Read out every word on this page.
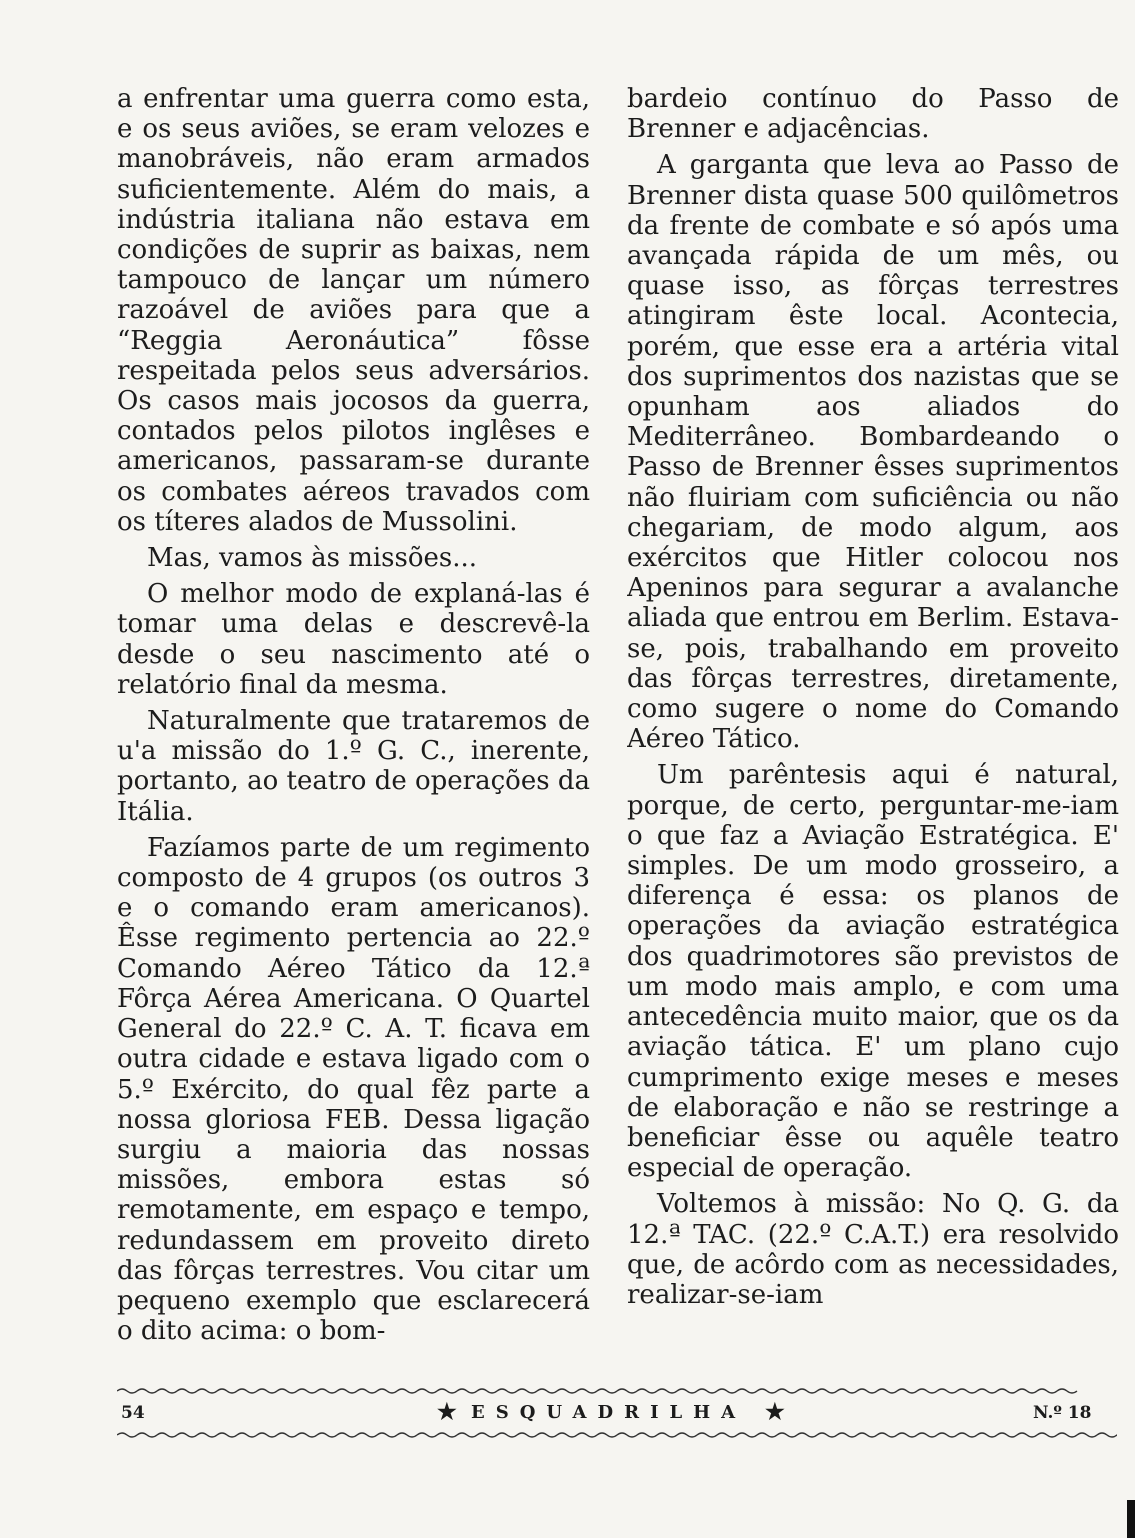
a enfrentar uma guerra como esta, e os seus aviões, se eram velozes e manobráveis, não eram armados suficientemente. Além do mais, a indústria italiana não estava em condições de suprir as baixas, nem tampouco de lançar um número razoável de aviões para que a “Reggia Aeronáutica” fôsse respeitada pelos seus adversários. Os casos mais jocosos da guerra, contados pelos pilotos inglêses e americanos, passaram-se durante os combates aéreos travados com os títeres alados de Mussolini.

Mas, vamos às missões...

O melhor modo de explaná-las é tomar uma delas e descrevê-la desde o seu nascimento até o relatório final da mesma.

Naturalmente que trataremos de u'a missão do 1.º G. C., inerente, portanto, ao teatro de operações da Itália.

Fazíamos parte de um regimento composto de 4 grupos (os outros 3 e o comando eram americanos). Êsse regimento pertencia ao 22.º Comando Aéreo Tático da 12.ª Fôrça Aérea Americana. O Quartel General do 22.º C. A. T. ficava em outra cidade e estava ligado com o 5.º Exército, do qual fêz parte a nossa gloriosa FEB. Dessa ligação surgiu a maioria das nossas missões, embora estas só remotamente, em espaço e tempo, redundassem em proveito direto das fôrças terrestres. Vou citar um pequeno exemplo que esclarecerá o dito acima: o bom-

bardeio contínuo do Passo de Brenner e adjacências.

A garganta que leva ao Passo de Brenner dista quase 500 quilômetros da frente de combate e só após uma avançada rápida de um mês, ou quase isso, as fôrças terrestres atingiram êste local. Acontecia, porém, que esse era a artéria vital dos suprimentos dos nazistas que se opunham aos aliados do Mediterrâneo. Bombardeando o Passo de Brenner êsses suprimentos não fluiriam com suficiência ou não chegariam, de modo algum, aos exércitos que Hitler colocou nos Apeninos para segurar a avalanche aliada que entrou em Berlim. Estava-se, pois, trabalhando em proveito das fôrças terrestres, diretamente, como sugere o nome do Comando Aéreo Tático.

Um parêntesis aqui é natural, porque, de certo, perguntar-me-iam o que faz a Aviação Estratégica. E' simples. De um modo grosseiro, a diferença é essa: os planos de operações da aviação estratégica dos quadrimotores são previstos de um modo mais amplo, e com uma antecedência muito maior, que os da aviação tática. E' um plano cujo cumprimento exige meses e meses de elaboração e não se restringe a beneficiar êsse ou aquêle teatro especial de operação.

Voltemos à missão: No Q. G. da 12.ª TAC. (22.º C.A.T.) era resolvido que, de acôrdo com as necessidades, realizar-se-iam

54	★ ESQUADRILHA ★	N.º 18
